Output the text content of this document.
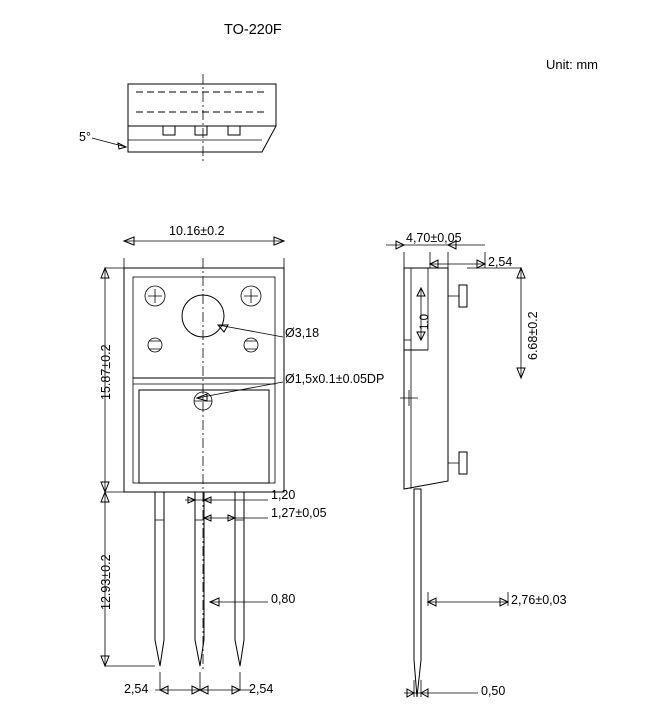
TO-220F
Unit: mm
5°
10.16±0.2
15.87±0.2
12.93±0.2
Ø3,18
Ø1,5x0.1±0.05DP
1,20
1,27±0,05
0,80
2,54	2,54
4,70±0,05
2,54
1.0	6.68±0.2
2,76±0,03
0,50
